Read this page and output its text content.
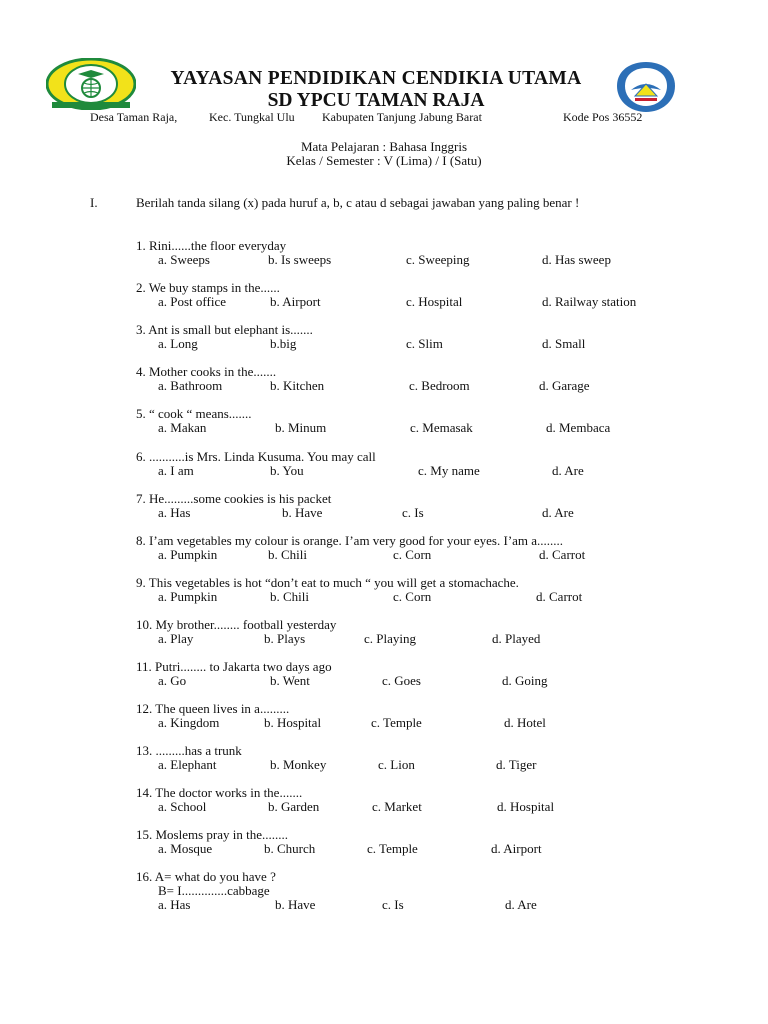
YAYASAN PENDIDIKAN CENDIKIA UTAMA
SD YPCU TAMAN RAJA
Desa Taman Raja,	Kec. Tungkal Ulu Kabupaten Tanjung Jabung Barat	Kode Pos 36552
Mata Pelajaran : Bahasa Inggris
Kelas / Semester : V (Lima) / I (Satu)
I.	Berilah tanda silang (x) pada huruf a, b, c atau d sebagai jawaban yang paling benar !
1. Rini......the floor everyday
a. Sweeps	b. Is sweeps	c. Sweeping	d. Has sweep
2. We buy stamps in the......
a. Post office	b. Airport	c. Hospital	d. Railway station
3. Ant is small but elephant is.......
a. Long	b.big	c. Slim	d. Small
4. Mother cooks in the.......
a. Bathroom	b. Kitchen	c. Bedroom	d. Garage
5. “ cook “ means.......
a. Makan	b. Minum	c. Memasak	d. Membaca
6. ...........is Mrs. Linda Kusuma. You may call
a. I am	b. You	c. My name	d. Are
7. He.........some cookies is his packet
a. Has	b. Have	c. Is	d. Are
8. I’am vegetables my colour is orange. I’am very good for your eyes. I’am a........
a. Pumpkin	b. Chili	c. Corn	d. Carrot
9. This vegetables is hot “don’t eat to much “ you will get a stomachache.
a. Pumpkin	b. Chili	c. Corn	d. Carrot
10. My brother........ football yesterday
a. Play	b. Plays	c. Playing	d. Played
11. Putri........ to Jakarta two days ago
a. Go	b. Went	c. Goes	d. Going
12. The queen lives in a.........
a. Kingdom	b. Hospital	c. Temple	d. Hotel
13. .........has a trunk
a. Elephant	b. Monkey	c. Lion	d. Tiger
14. The doctor works in the.......
a. School	b. Garden	c. Market	d. Hospital
15. Moslems pray in the........
a. Mosque	b. Church	c. Temple	d. Airport
16. A= what do you have ?
B= I..............cabbage
a. Has	b. Have	c. Is	d. Are
